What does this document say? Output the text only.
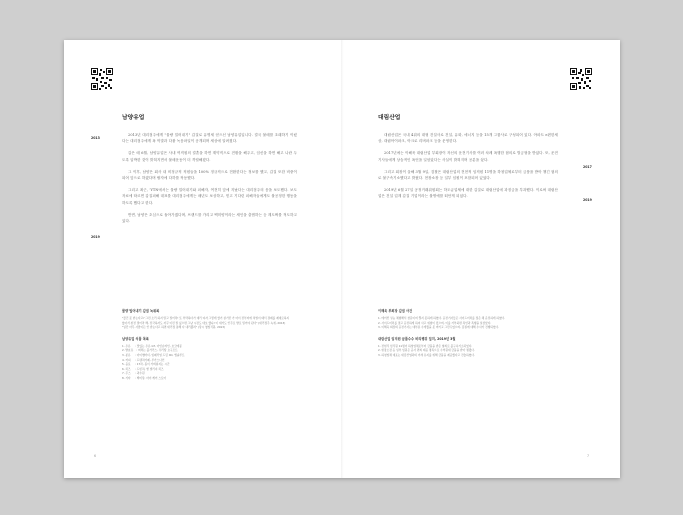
남양유업
2013
2019

2013년 대리점주에게 "물량 밀어내기" 갑질로 유명세 얻으신 남양유업입니다. 결국 불매를 초래하기 이렀다는 대리점주에게 폭 막말과 다불 녹음파일이 공개되며 세상에 알려졌다.

갑은 매 6월, 남양유업은 사내 여직원의 결혼을 하면 계약직으로 전환을 해주고, 임신을 하면 해고 나란 두도록 압박한 것이 밝혀지면서 불매운동이 더 격렬해졌다.

그 이후, 남양은 회사 내 비정규직 직원들을 100% 정규직으로 전환한다는 정보를 했고, 갑질 또한 비중이 되어 앞으로 하겠다며 팔자에 다하를 작동했다.

그리고 최근, 'YTN에서는 물량 밀어내기와 피해자, 여전히 앞에 지났다는 대리점주의 음을 보도했다. 보도자료에 따르면 갑질피해 대표를 대리점주에게는 매년도 보상하고, 믿고 기다린 피해자들에게도 불공정한 행동을 하도록 했다고 한다.

반면, 남양은 초심으로 돌아가겠다며, 브랜드를 가리고 백미양이라는 새인을 출범하는 등 계도짜를 적도하고 있다.

물량 밀어내기 갑질 녹취록

"물건 못 받는다고? 그런 소리 하지 말고 밀어라! 또 부탁하다가 대리 여자 그렇게 할거 살기만 가 아이 전부터에 처벌이 돼서 결제를 제대로하지 않아서 완전 밀어라 해, 전국하자도 자꾸 이런 말 싫으면 그냥 시장도 대보 했냐! 이 대가도 안주로 발로 밀어야 된다" (대리점주 녹취, 2013)

"일단 아무 사람이든 안 받는다고 하면 대리점 통해 다 내리뿔려" (당시 영업직원, 2013)

남양유업 식품 목록

1. 우유	: 맛있는 우유 GT, 아인슈타인, 초코에몽
2. 발효유 : 떠먹는 불가리스, 우리땅 요구르트
3. 분유	: 아이엠마더, 임페리얼 드림 XO, 앱솔루트
4. 커피	: 프렌치카페, 루카스나인
5. 음료	: 17차, 몸이 가벼워지는 시간
6. 치즈	: 드빈치, 앤 빌리지 치즈
7. 주스	: 과수원
8. 기타	: 백미당, 아이 케어 스토어
6
대림산업
2017
2019

대림산업은 국내 4위의 대형 건설사로 건설, 유화, 에너지 등을 15개 그룹사로 구성되어 있다. 아파트 e편한세상, 대림아이파크, 아크로 리버파크 등을 운영한다.

2017년에는 이해욱 대림산업 부회장이 자신의 운전기사를 여러 차례 폭행한 혐의로 벌금형을 받았다. 또, 운전기사들에게 상습적인 폭언을 일삼았다는 사실이 밝혀지며 공분을 샀다.

그리고 회장이 올해 3월 9일, 검찰은 대림산업의 전현직 임직원 11명을 하청업체로부터 금품을 받아 챙긴 혐의로 불구속기소했다고 밝혔다. 현장소장 등 일부 임원이 포함되어 있었다.

2019년 6월 27일 공정거래위원회는 하도급업체에 대한 갑질로 대림산업에 과징금을 부과했다. 이로써 대림산업은 건설 업계 갑질 기업이라는 불명예를 떠안게 되었다.

이해욱 부회장 갑질 사건

1. 에어컨 성능 체험해서 창문이며 열지 못하게 하였다. 운전기사들은 사이드미러를 접은 채 운전하게 하였다.

2. 사이드미러를 접고 운전하게 하여 사고 위험이 컸으며, 이를 거부하면 폭언과 폭행을 일삼았다.

3. 이해욱 회장의 운전기사는 대부분 수개월을 못 버티고 그만두었으며, 갑질에 대해 수사가 진행되었다.

대림산업 임직원 금품수수 비리행위 일지, 2019년 3월

1. 전현직 임직원 11명이 하청업체로부터 금품을 받은 혐의로 불구속기소되었다.

2. 현장소장 등 일부 임원은 공사 편의 제공 명목으로 수억원대 금품을 받아 챙겼다.

3. 하청업체 대표는 대림산업과의 거래 유지를 위해 금품을 제공했다고 진술하였다.

7
